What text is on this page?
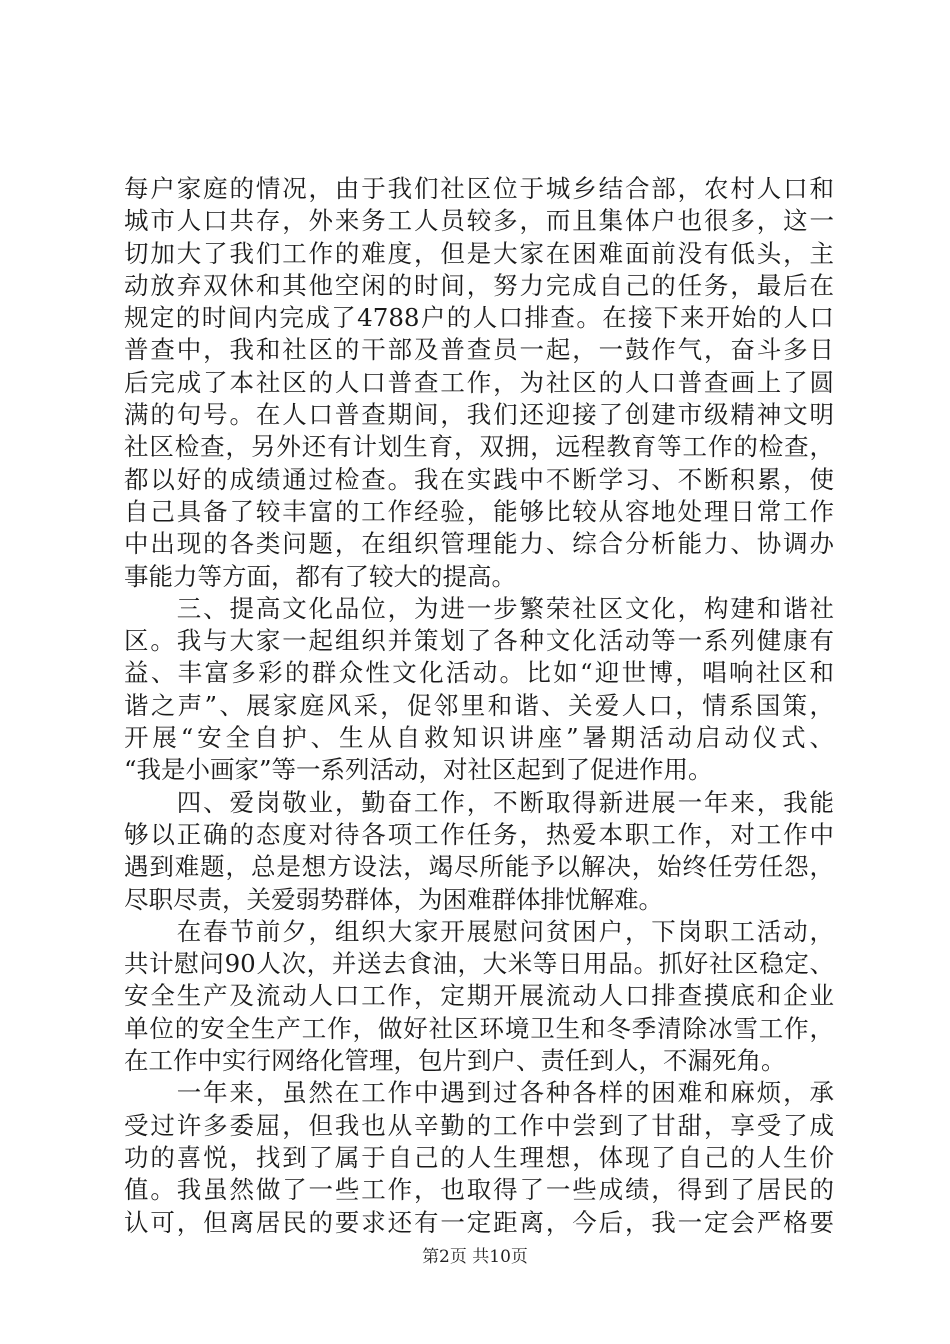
每户家庭的情况，由于我们社区位于城乡结合部，农村人口和
城市人口共存，外来务工人员较多，而且集体户也很多，这一
切加大了我们工作的难度，但是大家在困难面前没有低头，主
动放弃双休和其他空闲的时间，努力完成自己的任务，最后在
规定的时间内完成了4788户的人口排查。在接下来开始的人口
普查中，我和社区的干部及普查员一起，一鼓作气，奋斗多日
后完成了本社区的人口普查工作，为社区的人口普查画上了圆
满的句号。在人口普查期间，我们还迎接了创建市级精神文明
社区检查，另外还有计划生育，双拥，远程教育等工作的检查，
都以好的成绩通过检查。我在实践中不断学习、不断积累，使
自己具备了较丰富的工作经验，能够比较从容地处理日常工作
中出现的各类问题，在组织管理能力、综合分析能力、协调办
事能力等方面，都有了较大的提高。
　　三、提高文化品位，为进一步繁荣社区文化，构建和谐社
区。我与大家一起组织并策划了各种文化活动等一系列健康有
益、丰富多彩的群众性文化活动。比如“迎世博，唱响社区和
谐之声”、展家庭风采，促邻里和谐、关爱人口，情系国策，
开展“安全自护、生从自救知识讲座”暑期活动启动仪式、
“我是小画家”等一系列活动，对社区起到了促进作用。
　　四、爱岗敬业，勤奋工作，不断取得新进展一年来，我能
够以正确的态度对待各项工作任务，热爱本职工作，对工作中
遇到难题，总是想方设法，竭尽所能予以解决，始终任劳任怨，
尽职尽责，关爱弱势群体，为困难群体排忧解难。
　　在春节前夕，组织大家开展慰问贫困户，下岗职工活动，
共计慰问90人次，并送去食油，大米等日用品。抓好社区稳定、
安全生产及流动人口工作，定期开展流动人口排查摸底和企业
单位的安全生产工作，做好社区环境卫生和冬季清除冰雪工作，
在工作中实行网络化管理，包片到户、责任到人，不漏死角。
　　一年来，虽然在工作中遇到过各种各样的困难和麻烦，承
受过许多委屈，但我也从辛勤的工作中尝到了甘甜，享受了成
功的喜悦，找到了属于自己的人生理想，体现了自己的人生价
值。我虽然做了一些工作，也取得了一些成绩，得到了居民的
认可，但离居民的要求还有一定距离，今后，我一定会严格要
第2页 共10页
